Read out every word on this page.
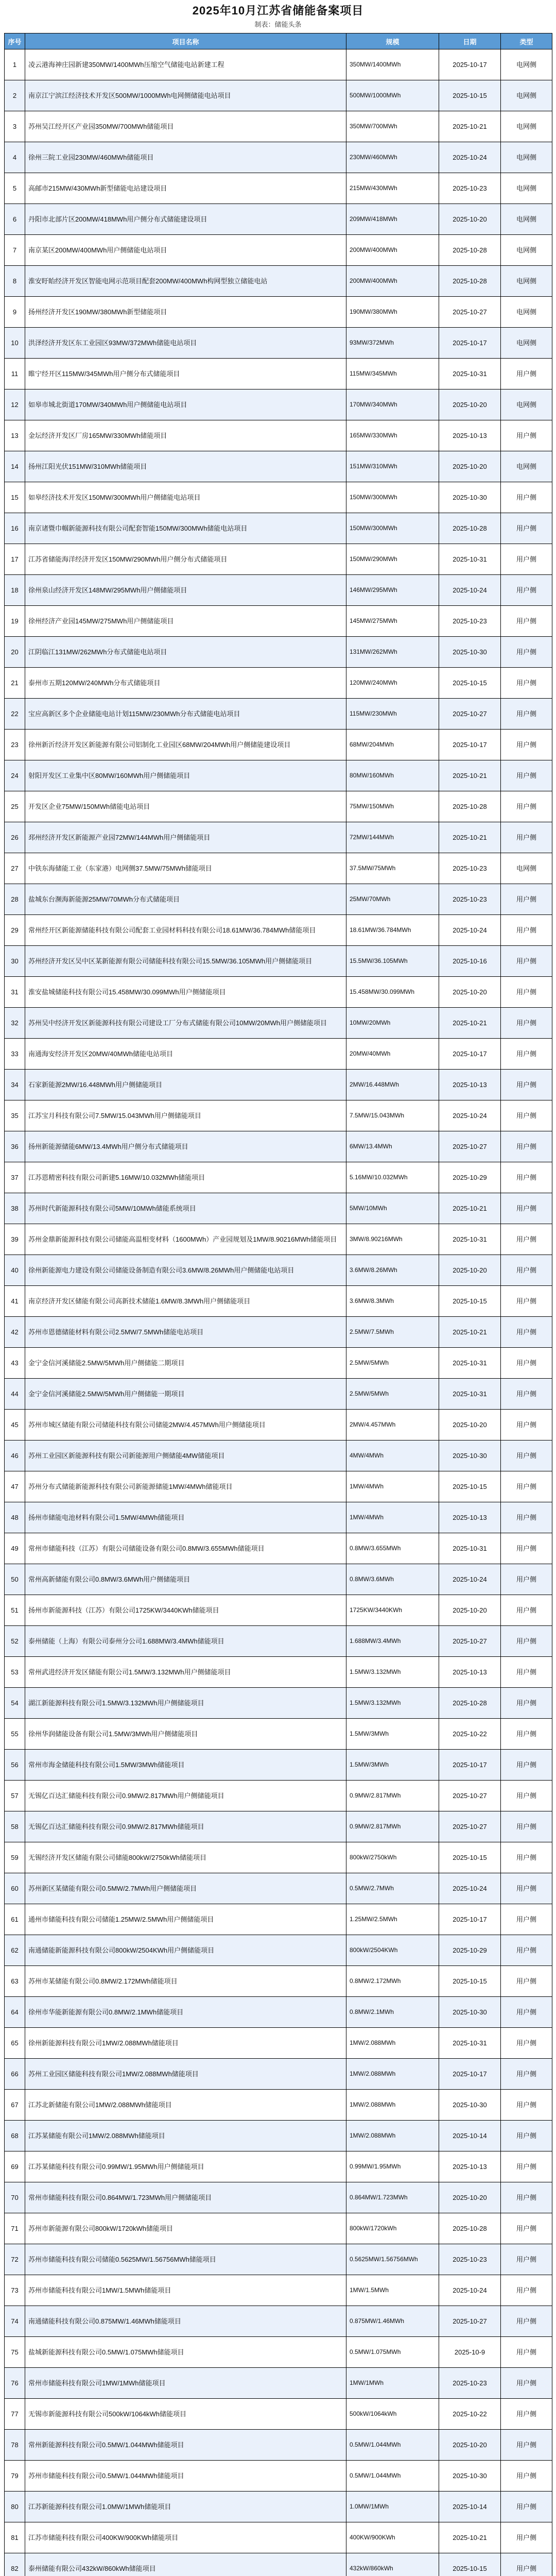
2025年10月江苏省储能备案项目
制表：储能头条
序号	项目名称	规模	日期	类型
1	凌云港海神庄园新建350MW/1400MWh压缩空气储能电站新建工程	350MW/1400MWh	2025-10-17	电网侧
2	南京江宁滨江经济技术开发区500MW/1000MWh电网侧储能电站项目	500MW/1000MWh	2025-10-15	电网侧
3	苏州吴江经开区产业园350MW/700MWh储能项目	350MW/700MWh	2025-10-21	电网侧
4	徐州三院工业园230MW/460MWh储能项目	230MW/460MWh	2025-10-24	电网侧
5	高邮市215MW/430MWh新型储能电站建设项目	215MW/430MWh	2025-10-23	电网侧
6	丹阳市北部片区200MW/418MWh用户侧分布式储能建设项目	209MW/418MWh	2025-10-20	电网侧
7	南京某区200MW/400MWh用户侧储能电站项目	200MW/400MWh	2025-10-28	电网侧
8	淮安盱眙经济开发区智能电网示范项目配套200MW/400MWh构网型独立储能电站	200MW/400MWh	2025-10-28	电网侧
9	扬州经济开发区190MW/380MWh新型储能项目	190MW/380MWh	2025-10-27	电网侧
10	洪泽经济开发区东工业园区93MW/372MWh储能电站项目	93MW/372MWh	2025-10-17	电网侧
11	睢宁经开区115MW/345MWh用户侧分布式储能项目	115MW/345MWh	2025-10-31	用户侧
12	如皋市城北街道170MW/340MWh用户侧储能电站项目	170MW/340MWh	2025-10-20	电网侧
13	金坛经济开发区厂房165MW/330MWh储能项目	165MW/330MWh	2025-10-13	用户侧
14	扬州江阳光伏151MW/310MWh储能项目	151MW/310MWh	2025-10-20	电网侧
15	如皋经济技术开发区150MW/300MWh用户侧储能电站项目	150MW/300MWh	2025-10-30	用户侧
16	南京诸暨巾帼新能源科技有限公司配套智能150MW/300MWh储能电站项目	150MW/300MWh	2025-10-28	用户侧
17	江苏省储能海洋经济开发区150MW/290MWh用户侧分布式储能项目	150MW/290MWh	2025-10-31	用户侧
18	徐州泉山经济开发区148MW/295MWh用户侧储能项目	146MW/295MWh	2025-10-24	用户侧
19	徐州经济产业园145MW/275MWh用户侧储能项目	145MW/275MWh	2025-10-23	用户侧
20	江阴临江131MW/262MWh分布式储能电站项目	131MW/262MWh	2025-10-30	用户侧
21	泰州市五期120MW/240MWh分布式储能项目	120MW/240MWh	2025-10-15	用户侧
22	宝应高新区多个企业储能电站计划115MW/230MWh分布式储能电站项目	115MW/230MWh	2025-10-27	用户侧
23	徐州新沂经济开发区新能源有限公司铝制化工业园区68MW/204MWh用户侧储能建设项目	68MW/204MWh	2025-10-17	用户侧
24	射阳开发区工业集中区80MW/160MWh用户侧储能项目	80MW/160MWh	2025-10-21	用户侧
25	开发区企业75MW/150MWh储能电站项目	75MW/150MWh	2025-10-28	用户侧
26	邳州经济开发区新能源产业园72MW/144MWh用户侧储能项目	72MW/144MWh	2025-10-21	用户侧
27	中铁东海储能工业（东家港）电网侧37.5MW/75MWh储能项目	37.5MW/75MWh	2025-10-23	电网侧
28	盐城东台濒海新能源25MW/70MWh分布式储能项目	25MW/70MWh	2025-10-23	用户侧
29	常州经开区新能源储能科技有限公司配套工业园材料科技有限公司18.61MW/36.784MWh储能项目	18.61MW/36.784MWh	2025-10-24	用户侧
30	苏州经济开发区吴中区某新能源有限公司储能科技有限公司15.5MW/36.105MWh用户侧储能项目	15.5MW/36.105MWh	2025-10-16	用户侧
31	淮安盐城储能科技有限公司15.458MW/30.099MWh用户侧储能项目	15.458MW/30.099MWh	2025-10-20	用户侧
32	苏州吴中经济开发区新能源科技有限公司建设工厂分布式储能有限公司10MW/20MWh用户侧储能项目	10MW/20MWh	2025-10-21	用户侧
33	南通海安经济开发区20MW/40MWh储能电站项目	20MW/40MWh	2025-10-17	用户侧
34	石家新能源2MW/16.448MWh用户侧储能项目	2MW/16.448MWh	2025-10-13	用户侧
35	江苏宝月科技有限公司7.5MW/15.043MWh用户侧储能项目	7.5MW/15.043MWh	2025-10-24	用户侧
36	扬州新能源储能6MW/13.4MWh用户侧分布式储能项目	6MW/13.4MWh	2025-10-27	用户侧
37	江苏恩精密科技有限公司新建5.16MW/10.032MWh储能项目	5.16MW/10.032MWh	2025-10-29	用户侧
38	苏州时代新能源科技有限公司5MW/10MWh储能系统项目	5MW/10MWh	2025-10-21	用户侧
39	苏州金鼎新能源科技有限公司储能高温相变材料（1600MWh）产业园规划及1MW/8.90216MWh储能项目	3MW/8.90216MWh	2025-10-31	用户侧
40	徐州新能源电力建设有限公司储能设备制造有限公司3.6MW/8.26MWh用户侧储能电站项目	3.6MW/8.26MWh	2025-10-20	用户侧
41	南京经济开发区储能有限公司高新技术储能1.6MW/8.3MWh用户侧储能项目	3.6MW/8.3MWh	2025-10-15	用户侧
42	苏州市恩德储能材料有限公司2.5MW/7.5MWh储能电站项目	2.5MW/7.5MWh	2025-10-21	用户侧
43	金宁金信河溪储能2.5MW/5MWh用户侧储能二期项目	2.5MW/5MWh	2025-10-31	用户侧
44	金宁金信河溪储能2.5MW/5MWh用户侧储能一期项目	2.5MW/5MWh	2025-10-31	用户侧
45	苏州市城区储能有限公司储能科技有限公司储能2MW/4.457MWh用户侧储能项目	2MW/4.457MWh	2025-10-20	用户侧
46	苏州工业园区新能源科技有限公司新能源用户侧储能4MW储能项目	4MW/4MWh	2025-10-30	用户侧
47	苏州分布式储能新能源科技有限公司新能源储能1MW/4MWh储能项目	1MW/4MWh	2025-10-15	用户侧
48	扬州市储能电池材料有限公司1.5MW/4MWh储能项目	1MW/4MWh	2025-10-13	用户侧
49	常州市储能科技（江苏）有限公司储能设备有限公司0.8MW/3.655MWh储能项目	0.8MW/3.655MWh	2025-10-31	用户侧
50	常州高新储能有限公司0.8MW/3.6MWh用户侧储能项目	0.8MW/3.6MWh	2025-10-24	用户侧
51	扬州市新能源科技（江苏）有限公司1725KW/3440KWh储能项目	1725KW/3440KWh	2025-10-20	用户侧
52	泰州储能（上海）有限公司泰州分公司1.688MW/3.4MWh储能项目	1.688MW/3.4MWh	2025-10-27	用户侧
53	常州武进经济开发区储能有限公司1.5MW/3.132MWh用户侧储能项目	1.5MW/3.132MWh	2025-10-13	用户侧
54	湖江新能源科技有限公司1.5MW/3.132MWh用户侧储能项目	1.5MW/3.132MWh	2025-10-28	用户侧
55	徐州华润储能设备有限公司1.5MW/3MWh用户侧储能项目	1.5MW/3MWh	2025-10-22	用户侧
56	常州市海金储能科技有限公司1.5MW/3MWh储能项目	1.5MW/3MWh	2025-10-17	用户侧
57	无锡亿百达汇储能科技有限公司0.9MW/2.817MWh用户侧储能项目	0.9MW/2.817MWh	2025-10-27	用户侧
58	无锡亿百达汇储能科技有限公司0.9MW/2.817MWh储能项目	0.9MW/2.817MWh	2025-10-27	用户侧
59	无锡经济开发区储能有限公司储能800kW/2750kWh储能项目	800kW/2750kWh	2025-10-15	用户侧
60	苏州新区某储能有限公司0.5MW/2.7MWh用户侧储能项目	0.5MW/2.7MWh	2025-10-24	用户侧
61	通州市储能科技有限公司储能1.25MW/2.5MWh用户侧储能项目	1.25MW/2.5MWh	2025-10-17	用户侧
62	南通储能新能源科技有限公司800kW/2504KWh用户侧储能项目	800kW/2504KWh	2025-10-29	用户侧
63	苏州市某储能有限公司0.8MW/2.172MWh储能项目	0.8MW/2.172MWh	2025-10-15	用户侧
64	徐州市华能新能源有限公司0.8MW/2.1MWh储能项目	0.8MW/2.1MWh	2025-10-30	用户侧
65	徐州新能源科技有限公司1MW/2.088MWh储能项目	1MW/2.088MWh	2025-10-31	用户侧
66	苏州工业园区储能科技有限公司1MW/2.088MWh储能项目	1MW/2.088MWh	2025-10-17	用户侧
67	江苏北新储能有限公司1MW/2.088MWh储能项目	1MW/2.088MWh	2025-10-30	用户侧
68	江苏某储能有限公司1MW/2.088MWh储能项目	1MW/2.088MWh	2025-10-14	用户侧
69	江苏某储能科技有限公司0.99MW/1.95MWh用户侧储能项目	0.99MW/1.95MWh	2025-10-13	用户侧
70	常州市储能科技有限公司0.864MW/1.723MWh用户侧储能项目	0.864MW/1.723MWh	2025-10-20	用户侧
71	苏州市新能源有限公司800kW/1720kWh储能项目	800kW/1720kWh	2025-10-28	用户侧
72	苏州市储能科技有限公司储能0.5625MW/1.56756MWh储能项目	0.5625MW/1.56756MWh	2025-10-23	用户侧
73	苏州市储能科技有限公司1MW/1.5MWh储能项目	1MW/1.5MWh	2025-10-24	用户侧
74	南通储能科技有限公司0.875MW/1.46MWh储能项目	0.875MW/1.46MWh	2025-10-27	用户侧
75	盐城新能源科技有限公司0.5MW/1.075MWh储能项目	0.5MW/1.075MWh	2025-10-9	用户侧
76	常州市储能科技有限公司1MW/1MWh储能项目	1MW/1MWh	2025-10-23	用户侧
77	无锡市新能源科技有限公司500kW/1064kWh储能项目	500kW/1064kWh	2025-10-22	用户侧
78	常州新能源科技有限公司0.5MW/1.044MWh储能项目	0.5MW/1.044MWh	2025-10-20	用户侧
79	苏州市储能科技有限公司0.5MW/1.044MWh储能项目	0.5MW/1.044MWh	2025-10-30	用户侧
80	江苏新能源科技有限公司1.0MW/1MWh储能项目	1.0MW/1MWh	2025-10-14	用户侧
81	江苏市储能科技有限公司400KW/900KWh储能项目	400KW/900KWh	2025-10-21	用户侧
82	泰州储能有限公司432kW/860kWh储能项目	432kW/860kWh	2025-10-15	用户侧
